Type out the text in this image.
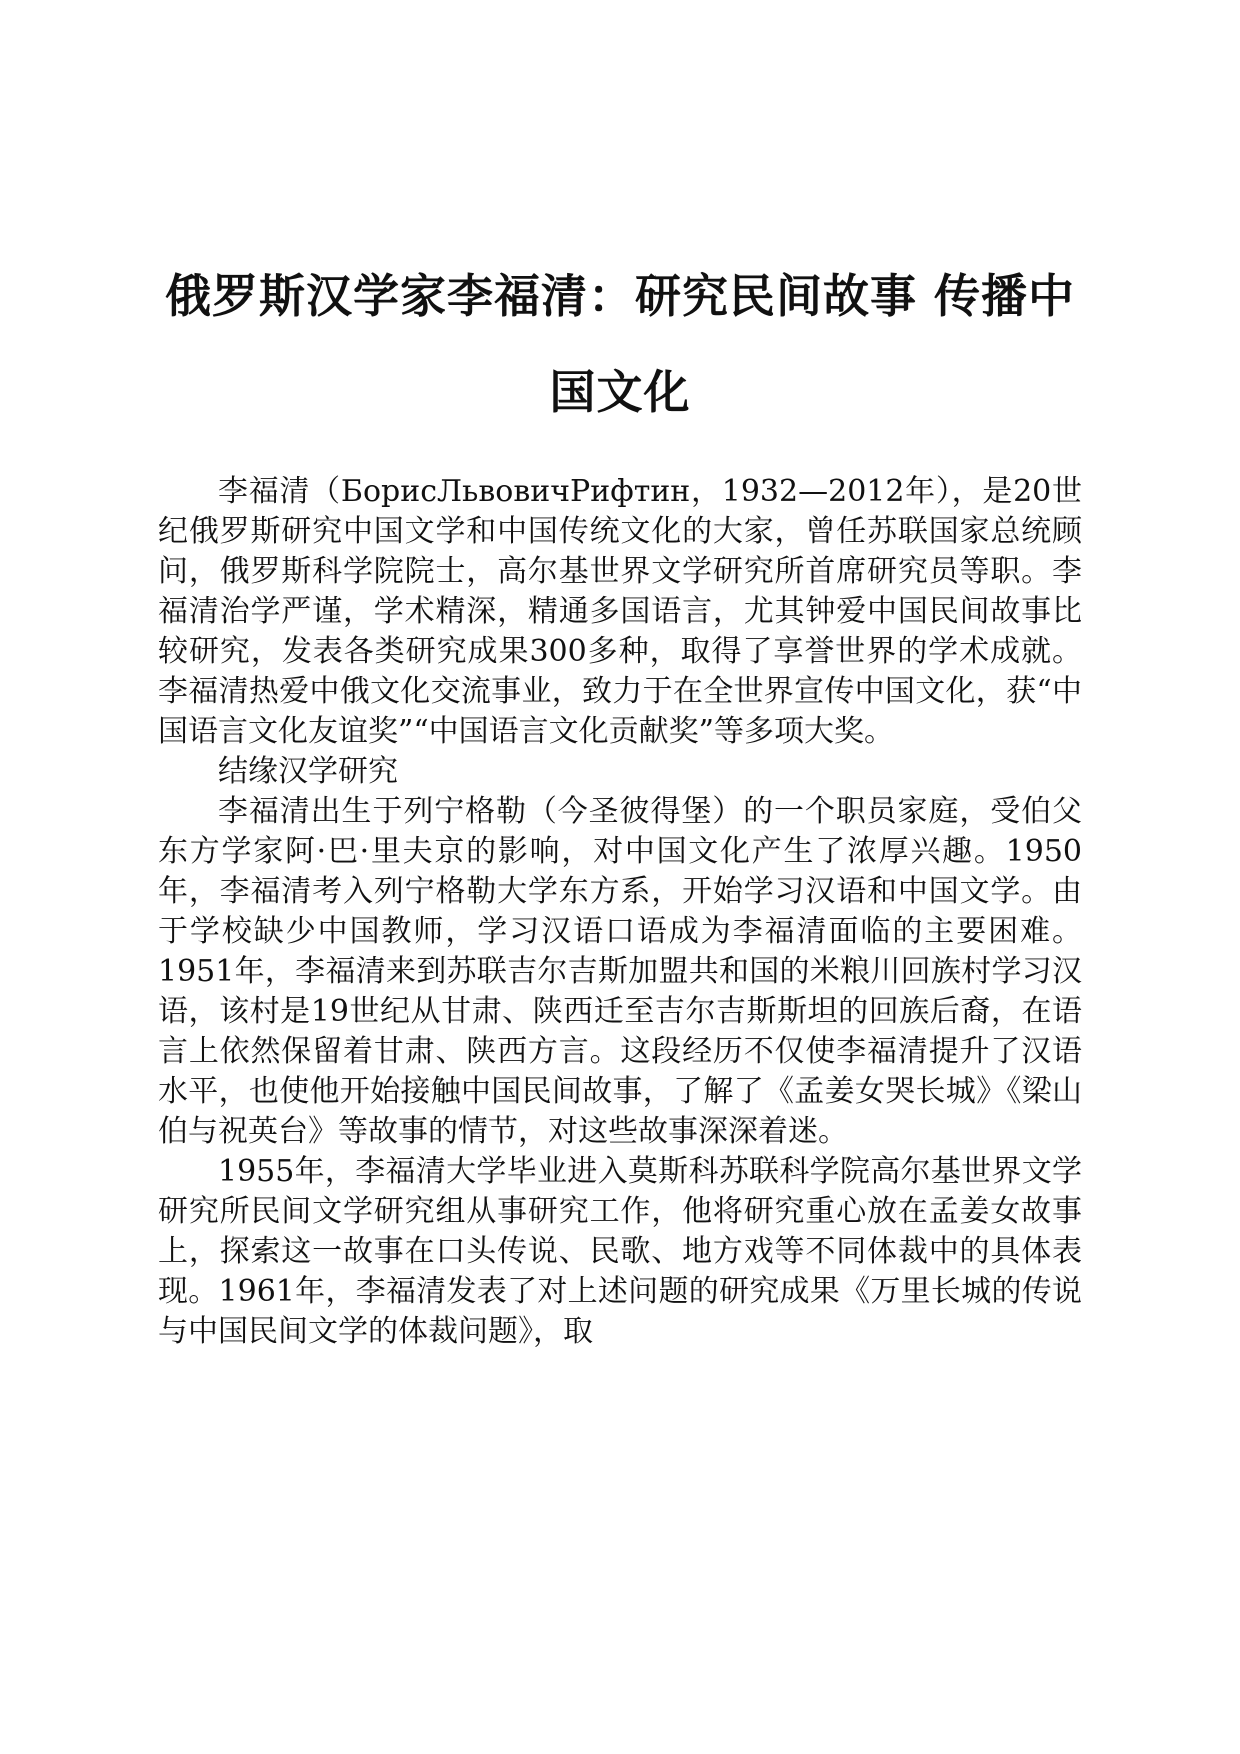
俄罗斯汉学家李福清：研究民间故事 传播中
国文化

李福清（БорисЛьвовичРифтин，1932—2012年），是20世纪俄罗斯研究中国文学和中国传统文化的大家，曾任苏联国家总统顾问，俄罗斯科学院院士，高尔基世界文学研究所首席研究员等职。李福清治学严谨，学术精深，精通多国语言，尤其钟爱中国民间故事比较研究，发表各类研究成果300多种，取得了享誉世界的学术成就。李福清热爱中俄文化交流事业，致力于在全世界宣传中国文化，获“中国语言文化友谊奖”“中国语言文化贡献奖”等多项大奖。

结缘汉学研究

李福清出生于列宁格勒（今圣彼得堡）的一个职员家庭，受伯父东方学家阿·巴·里夫京的影响，对中国文化产生了浓厚兴趣。1950年，李福清考入列宁格勒大学东方系，开始学习汉语和中国文学。由于学校缺少中国教师，学习汉语口语成为李福清面临的主要困难。1951年，李福清来到苏联吉尔吉斯加盟共和国的米粮川回族村学习汉语，该村是19世纪从甘肃、陕西迁至吉尔吉斯斯坦的回族后裔，在语言上依然保留着甘肃、陕西方言。这段经历不仅使李福清提升了汉语水平，也使他开始接触中国民间故事，了解了《孟姜女哭长城》《梁山伯与祝英台》等故事的情节，对这些故事深深着迷。

1955年，李福清大学毕业进入莫斯科苏联科学院高尔基世界文学研究所民间文学研究组从事研究工作，他将研究重心放在孟姜女故事上，探索这一故事在口头传说、民歌、地方戏等不同体裁中的具体表现。1961年，李福清发表了对上述问题的研究成果《万里长城的传说与中国民间文学的体裁问题》，取
